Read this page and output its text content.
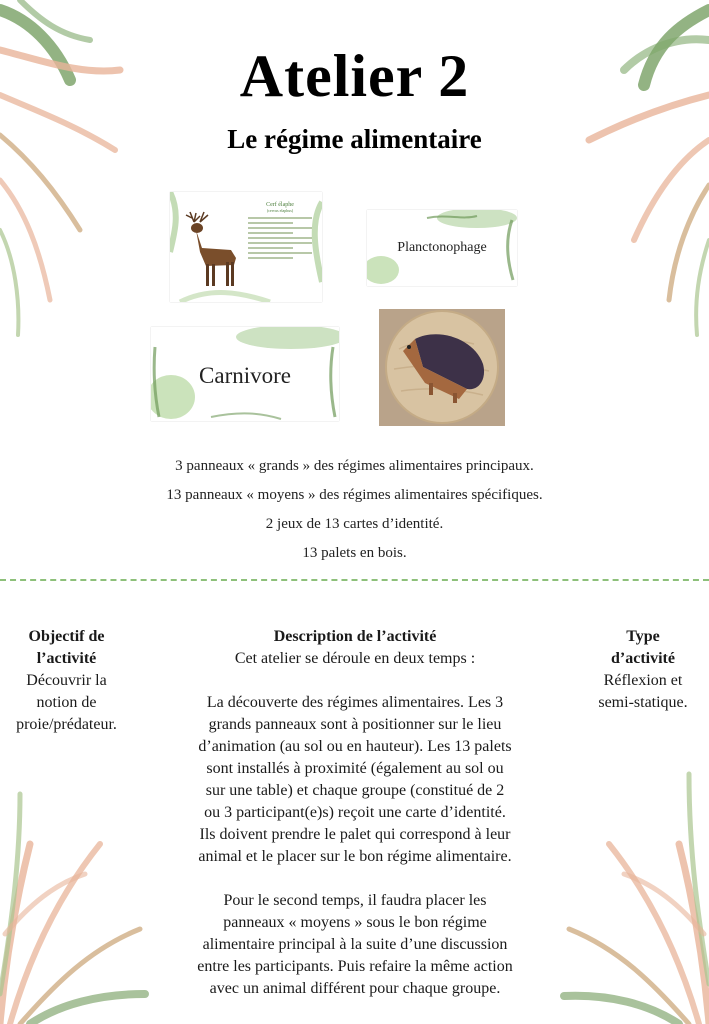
Atelier 2
Le régime alimentaire
Cerf élaphe
(cervus elaphus)
Planctonophage
Carnivore
3 panneaux « grands » des régimes alimentaires principaux.
13 panneaux « moyens » des régimes alimentaires spécifiques.
2 jeux de 13 cartes d’identité.
13 palets en bois.
Objectif de
l’activité
Découvrir la
notion de
proie/prédateur.
Description de l’activité
Cet atelier se déroule en deux temps :
La découverte des régimes alimentaires. Les 3
grands panneaux sont à positionner sur le lieu
d’animation (au sol ou en hauteur). Les 13 palets
sont installés à proximité (également au sol ou
sur une table) et chaque groupe (constitué de 2
ou 3 participant(e)s) reçoit une carte d’identité.
Ils doivent prendre le palet qui correspond à leur
animal et le placer sur le bon régime alimentaire.
Pour le second temps, il faudra placer les
panneaux « moyens » sous le bon régime
alimentaire principal à la suite d’une discussion
entre les participants. Puis refaire la même action
avec un animal différent pour chaque groupe.
Type
d’activité
Réflexion et
semi-statique.
